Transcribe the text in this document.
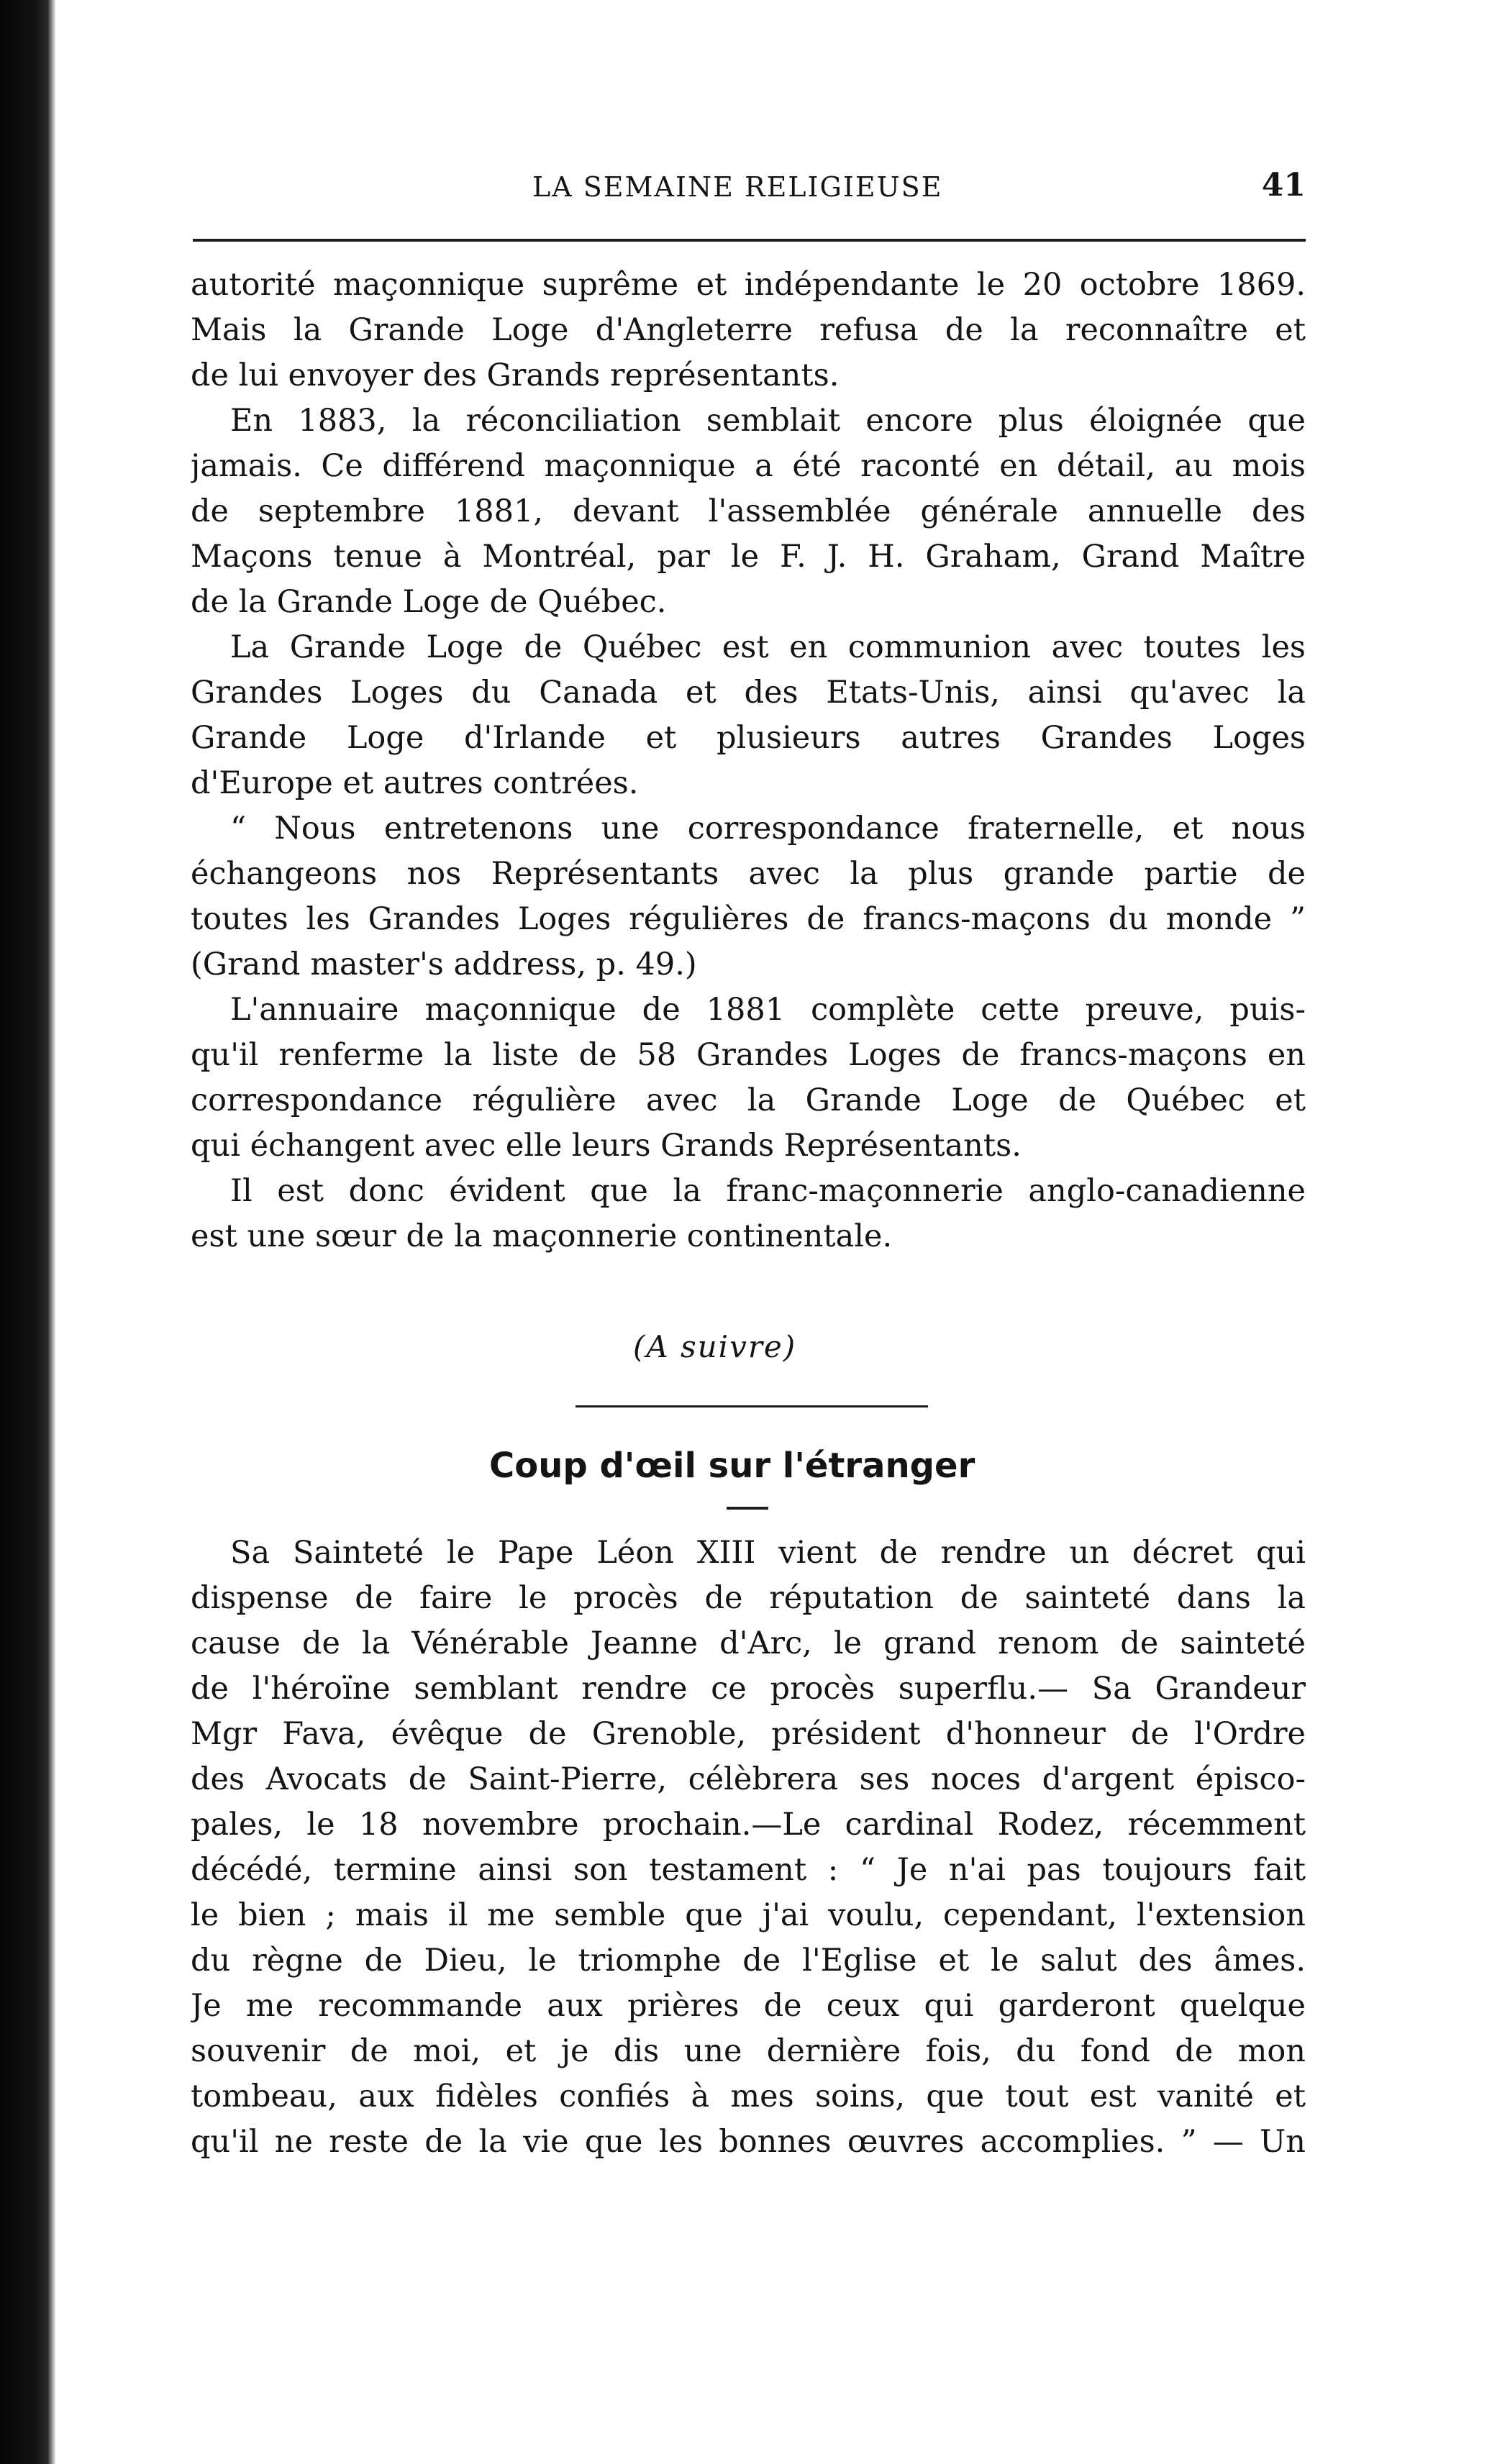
LA SEMAINE RELIGIEUSE	41
autorité maçonnique suprême et indépendante le 20 octobre 1869.
Mais la Grande Loge d'Angleterre refusa de la reconnaître et
de lui envoyer des Grands représentants.
En 1883, la réconciliation semblait encore plus éloignée que
jamais. Ce différend maçonnique a été raconté en détail, au mois
de septembre 1881, devant l'assemblée générale annuelle des
Maçons tenue à Montréal, par le F. J. H. Graham, Grand Maître
de la Grande Loge de Québec.
La Grande Loge de Québec est en communion avec toutes les
Grandes Loges du Canada et des Etats-Unis, ainsi qu'avec la
Grande Loge d'Irlande et plusieurs autres Grandes Loges
d'Europe et autres contrées.
“ Nous entretenons une correspondance fraternelle, et nous
échangeons nos Représentants avec la plus grande partie de
toutes les Grandes Loges régulières de francs-maçons du monde ”
(Grand master's address, p. 49.)
L'annuaire maçonnique de 1881 complète cette preuve, puis-
qu'il renferme la liste de 58 Grandes Loges de francs-maçons en
correspondance régulière avec la Grande Loge de Québec et
qui échangent avec elle leurs Grands Représentants.
Il est donc évident que la franc-maçonnerie anglo-canadienne
est une sœur de la maçonnerie continentale.
(A suivre)
Coup d'œil sur l'étranger
Sa Sainteté le Pape Léon XIII vient de rendre un décret qui
dispense de faire le procès de réputation de sainteté dans la
cause de la Vénérable Jeanne d'Arc, le grand renom de sainteté
de l'héroïne semblant rendre ce procès superflu.— Sa Grandeur
Mgr Fava, évêque de Grenoble, président d'honneur de l'Ordre
des Avocats de Saint-Pierre, célèbrera ses noces d'argent épisco-
pales, le 18 novembre prochain.—Le cardinal Rodez, récemment
décédé, termine ainsi son testament : “ Je n'ai pas toujours fait
le bien ; mais il me semble que j'ai voulu, cependant, l'extension
du règne de Dieu, le triomphe de l'Eglise et le salut des âmes.
Je me recommande aux prières de ceux qui garderont quelque
souvenir de moi, et je dis une dernière fois, du fond de mon
tombeau, aux fidèles confiés à mes soins, que tout est vanité et
qu'il ne reste de la vie que les bonnes œuvres accomplies. ” — Un
